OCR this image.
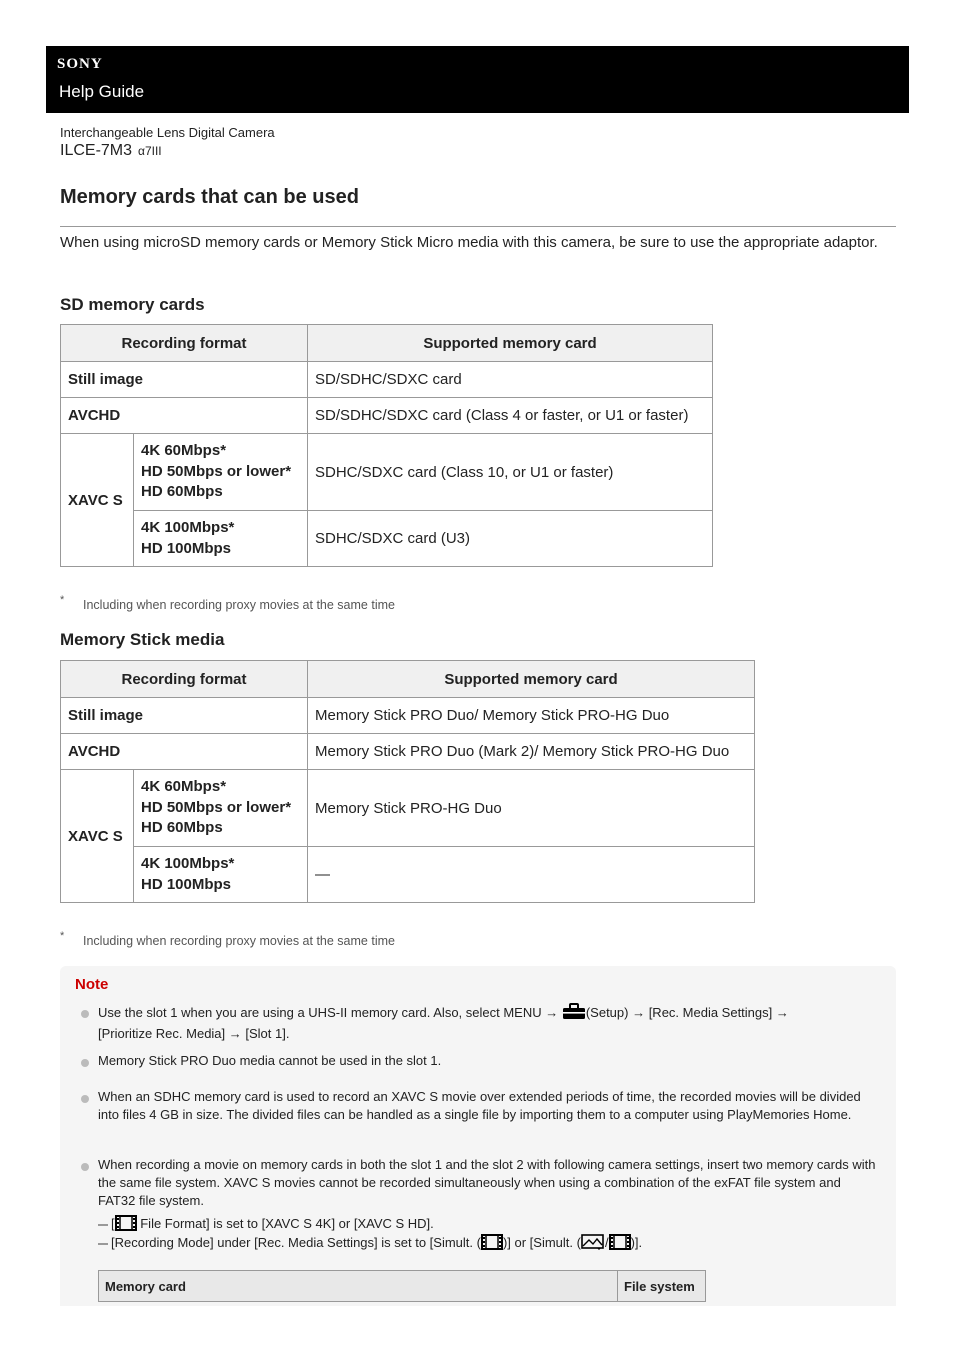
SONY
Help Guide
Interchangeable Lens Digital Camera
ILCE-7M3 α7III
Memory cards that can be used
When using microSD memory cards or Memory Stick Micro media with this camera, be sure to use the appropriate adaptor.
SD memory cards
Recording format		Supported memory card
Still image		SD/SDHC/SDXC card
AVCHD		SD/SDHC/SDXC card (Class 4 or faster, or U1 or faster)
XAVC S	4K 60Mbps*
HD 50Mbps or lower*
HD 60Mbps	SDHC/SDXC card (Class 10, or U1 or faster)

	4K 100Mbps*
HD 100Mbps	SDHC/SDXC card (U3)
* Including when recording proxy movies at the same time
Memory Stick media
Recording format		Supported memory card
Still image		Memory Stick PRO Duo/ Memory Stick PRO-HG Duo
AVCHD		Memory Stick PRO Duo (Mark 2)/ Memory Stick PRO-HG Duo
XAVC S	4K 60Mbps*
HD 50Mbps or lower*
HD 60Mbps	Memory Stick PRO-HG Duo

	4K 100Mbps*
HD 100Mbps	—
* Including when recording proxy movies at the same time
Note
Use the slot 1 when you are using a UHS-II memory card. Also, select MENU → (Setup) → [Rec. Media Settings] →
[Prioritize Rec. Media] → [Slot 1].
Memory Stick PRO Duo media cannot be used in the slot 1.
When an SDHC memory card is used to record an XAVC S movie over extended periods of time, the recorded movies will be divided into files 4 GB in size. The divided files can be handled as a single file by importing them to a computer using PlayMemories Home.
When recording a movie on memory cards in both the slot 1 and the slot 2 with following camera settings, insert two memory cards with the same file system. XAVC S movies cannot be recorded simultaneously when using a combination of the exFAT file system and FAT32 file system.
[ File Format] is set to [XAVC S 4K] or [XAVC S HD].
[Recording Mode] under [Rec. Media Settings] is set to [Simult. ( )] or [Simult. ( / )].
Memory card	File system
